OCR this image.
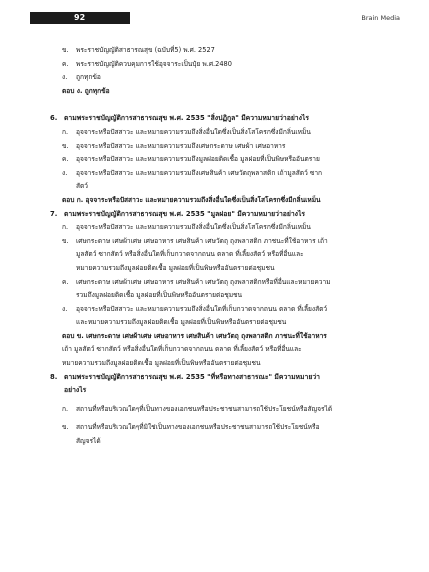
92	Brain Media
ข. พระราชบัญญัติสาธารณสุข (ฉบับที่5) พ.ศ. 2527
ค. พระราชบัญญัติควบคุมการใช้อุจจาระเป็นปุ๋ย พ.ศ.2480
ง. ถูกทุกข้อ
ตอบ ง. ถูกทุกข้อ
6. ตามพระราชบัญญัติการสาธารณสุข พ.ศ. 2535 "สิ่งปฏิกูล" มีความหมายว่าอย่างไร
ก. อุจจาระหรือปัสสาวะ และหมายความรวมถึงสิ่งอื่นใดซึ่งเป็นสิ่งโสโครกซึ่งมีกลิ่นเหม็น
ข. อุจจาระหรือปัสสาวะ และหมายความรวมถึงเศษกระดาษ เศษผ้า เศษอาหาร
ค. อุจจาระหรือปัสสาวะ และหมายความรวมถึงมูลฝอยติดเชื้อ มูลฝอยที่เป็นพิษหรืออันตราย
ง. อุจจาระหรือปัสสาวะ และหมายความรวมถึงเศษสินค้า เศษวัตถุพลาสติก เถ้ามูลสัตว์ ซาก
สัตว์
ตอบ ก. อุจจาระหรือปัสสาวะ และหมายความรวมถึงสิ่งอื่นใดซึ่งเป็นสิ่งโสโครกซึ่งมีกลิ่นเหม็น
7. ตามพระราชบัญญัติการสาธารณสุข พ.ศ. 2535 "มูลฝอย" มีความหมายว่าอย่างไร
ก. อุจจาระหรือปัสสาวะ และหมายความรวมถึงสิ่งอื่นใดซึ่งเป็นสิ่งโสโครกซึ่งมีกลิ่นเหม็น
ข. เศษกระดาษ เศษผ้าเศษ เศษอาหาร เศษสินค้า เศษวัตถุ ถุงพลาสติก ภาชนะที่ใช้อาหาร เถ้า
มูลสัตว์ ซากสัตว์ หรือสิ่งอื่นใดที่เก็บกวาดจากถนน ตลาด ที่เลี้ยงสัตว์ หรือที่อื่นและ
หมายความรวมถึงมูลฝอยติดเชื้อ มูลฝอยที่เป็นพิษหรืออันตรายต่อชุมชน
ค. เศษกระดาษ เศษผ้าเศษ เศษอาหาร เศษสินค้า เศษวัตถุ ถุงพลาสติกหรือที่อื่นและหมายความ
รวมถึงมูลฝอยติดเชื้อ มูลฝอยที่เป็นพิษหรืออันตรายต่อชุมชน
ง. อุจจาระหรือปัสสาวะ และหมายความรวมถึงสิ่งอื่นใดที่เก็บกวาดจากถนน ตลาด ที่เลี้ยงสัตว์
และหมายความรวมถึงมูลฝอยติดเชื้อ มูลฝอยที่เป็นพิษหรืออันตรายต่อชุมชน
ตอบ ข. เศษกระดาษ เศษผ้าเศษ เศษอาหาร เศษสินค้า เศษวัตถุ ถุงพลาสติก ภาชนะที่ใช้อาหาร
เถ้า มูลสัตว์ ซากสัตว์ หรือสิ่งอื่นใดที่เก็บกวาดจากถนน ตลาด ที่เลี้ยงสัตว์ หรือที่อื่นและ
หมายความรวมถึงมูลฝอยติดเชื้อ มูลฝอยที่เป็นพิษหรืออันตรายต่อชุมชน
8. ตามพระราชบัญญัติการสาธารณสุข พ.ศ. 2535 "ที่หรือทางสาธารณะ" มีความหมายว่า
อย่างไร
ก. สถานที่หรือบริเวณใดๆที่เป็นทางของเอกชนหรือประชาชนสามารถใช้ประโยชน์หรือสัญจรได้
ข. สถานที่หรือบริเวณใดๆที่มิใช่เป็นทางของเอกชนหรือประชาชนสามารถใช้ประโยชน์หรือ
สัญจรได้
